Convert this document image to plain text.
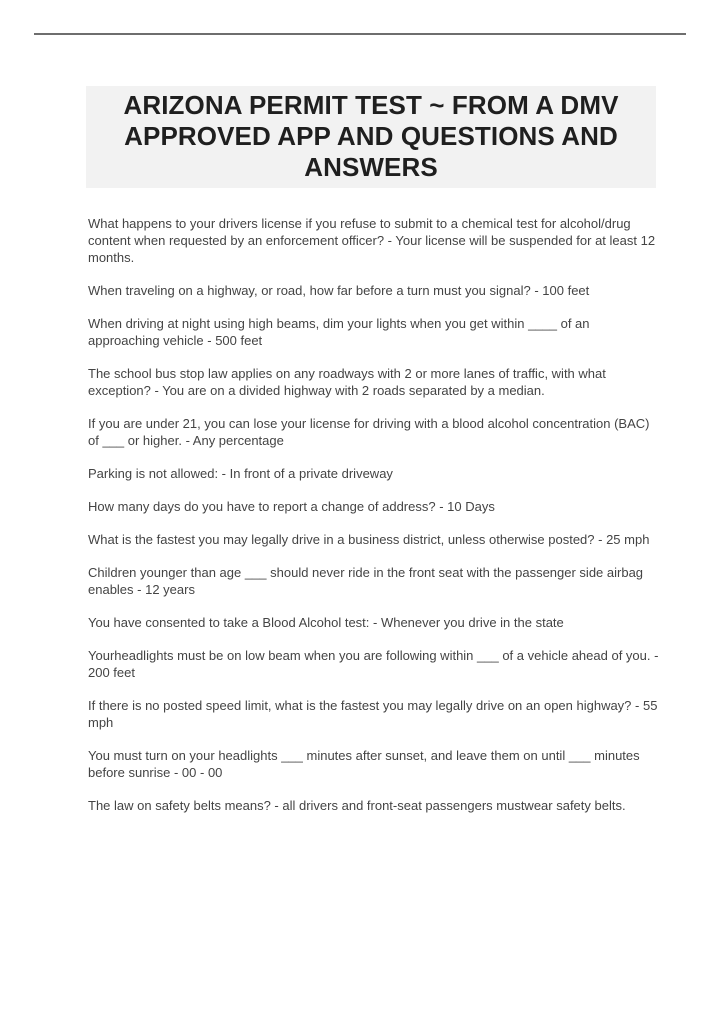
ARIZONA PERMIT TEST ~ FROM A DMV APPROVED APP AND QUESTIONS AND ANSWERS
What happens to your drivers license if you refuse to submit to a chemical test for alcohol/drug content when requested by an enforcement officer? - Your license will be suspended for at least 12 months.
When traveling on a highway, or road, how far before a turn must you signal? - 100 feet
When driving at night using high beams, dim your lights when you get within ____ of an approaching vehicle - 500 feet
The school bus stop law applies on any roadways with 2 or more lanes of traffic, with what exception? - You are on a divided highway with 2 roads separated by a median.
If you are under 21, you can lose your license for driving with a blood alcohol concentration (BAC) of ___ or higher. - Any percentage
Parking is not allowed: - In front of a private driveway
How many days do you have to report a change of address? - 10 Days
What is the fastest you may legally drive in a business district, unless otherwise posted? - 25 mph
Children younger than age ___ should never ride in the front seat with the passenger side airbag enables - 12 years
You have consented to take a Blood Alcohol test: - Whenever you drive in the state
Yourheadlights must be on low beam when you are following within ___ of a vehicle ahead of you. - 200 feet
If there is no posted speed limit, what is the fastest you may legally drive on an open highway? - 55 mph
You must turn on your headlights ___ minutes after sunset, and leave them on until ___ minutes before sunrise - 00 - 00
The law on safety belts means? - all drivers and front-seat passengers mustwear safety belts.
